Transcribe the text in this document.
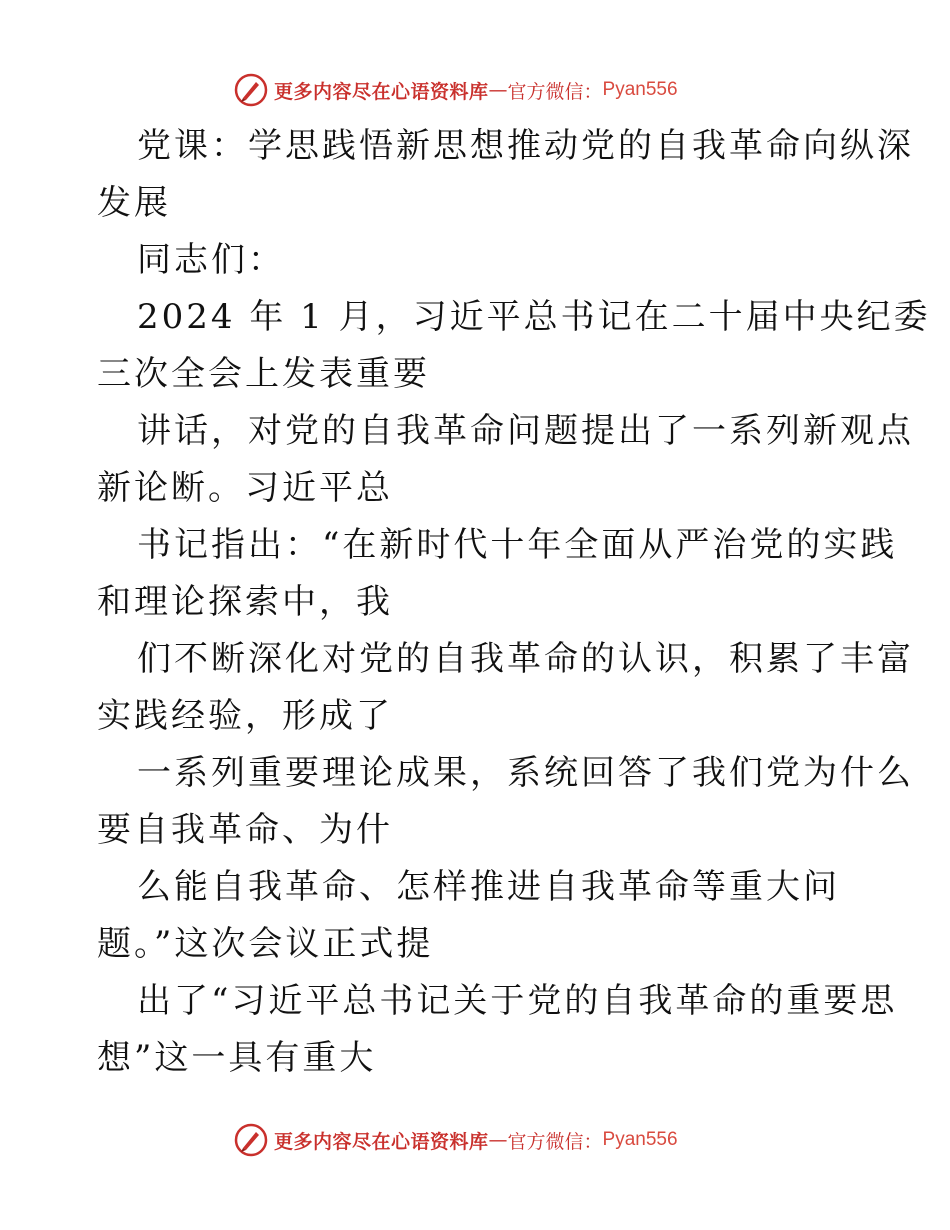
更多内容尽在心语资料库 — 官方微信： Pyan556
党课：学思践悟新思想推动党的自我革命向纵深
发展
同志们：
2024 年 1 月，习近平总书记在二十届中央纪委
三次全会上发表重要
讲话，对党的自我革命问题提出了一系列新观点
新论断。习近平总
书记指出：“在新时代十年全面从严治党的实践
和理论探索中，我
们不断深化对党的自我革命的认识，积累了丰富
实践经验，形成了
一系列重要理论成果，系统回答了我们党为什么
要自我革命、为什
么能自我革命、怎样推进自我革命等重大问
题。”这次会议正式提
出了“习近平总书记关于党的自我革命的重要思
想”这一具有重大
更多内容尽在心语资料库 — 官方微信： Pyan556
